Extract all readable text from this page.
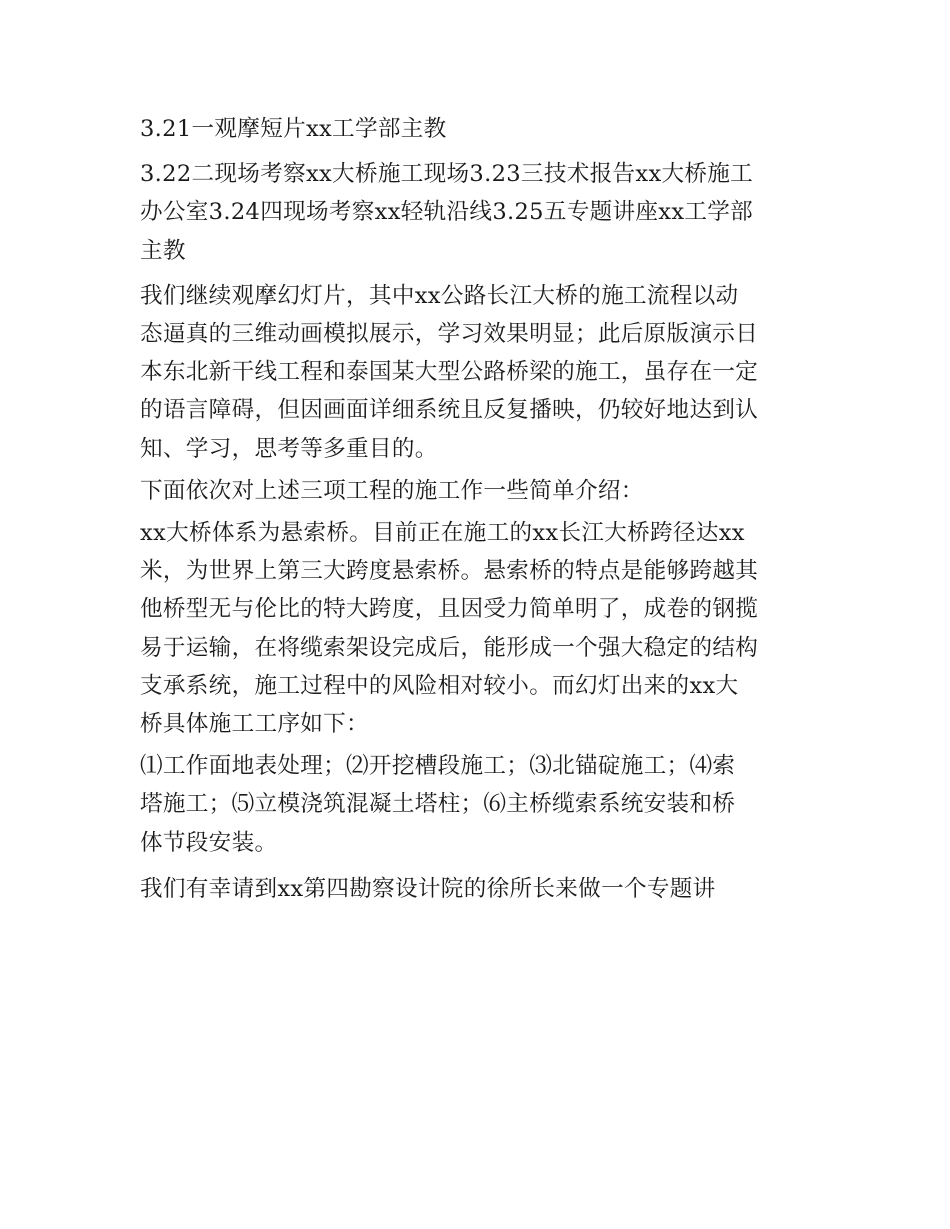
3.21一观摩短片xx工学部主教

3.22二现场考察xx大桥施工现场3.23三技术报告xx大桥施工
办公室3.24四现场考察xx轻轨沿线3.25五专题讲座xx工学部
主教

我们继续观摩幻灯片，其中xx公路长江大桥的施工流程以动
态逼真的三维动画模拟展示，学习效果明显；此后原版演示日
本东北新干线工程和泰国某大型公路桥梁的施工，虽存在一定
的语言障碍，但因画面详细系统且反复播映，仍较好地达到认
知、学习，思考等多重目的。

下面依次对上述三项工程的施工作一些简单介绍：

xx大桥体系为悬索桥。目前正在施工的xx长江大桥跨径达xx
米，为世界上第三大跨度悬索桥。悬索桥的特点是能够跨越其
他桥型无与伦比的特大跨度，且因受力简单明了，成卷的钢揽
易于运输，在将缆索架设完成后，能形成一个强大稳定的结构
支承系统，施工过程中的风险相对较小。而幻灯出来的xx大
桥具体施工工序如下：

⑴工作面地表处理；⑵开挖槽段施工；⑶北锚碇施工；⑷索
塔施工；⑸立模浇筑混凝土塔柱；⑹主桥缆索系统安装和桥
体节段安装。

我们有幸请到xx第四勘察设计院的徐所长来做一个专题讲
